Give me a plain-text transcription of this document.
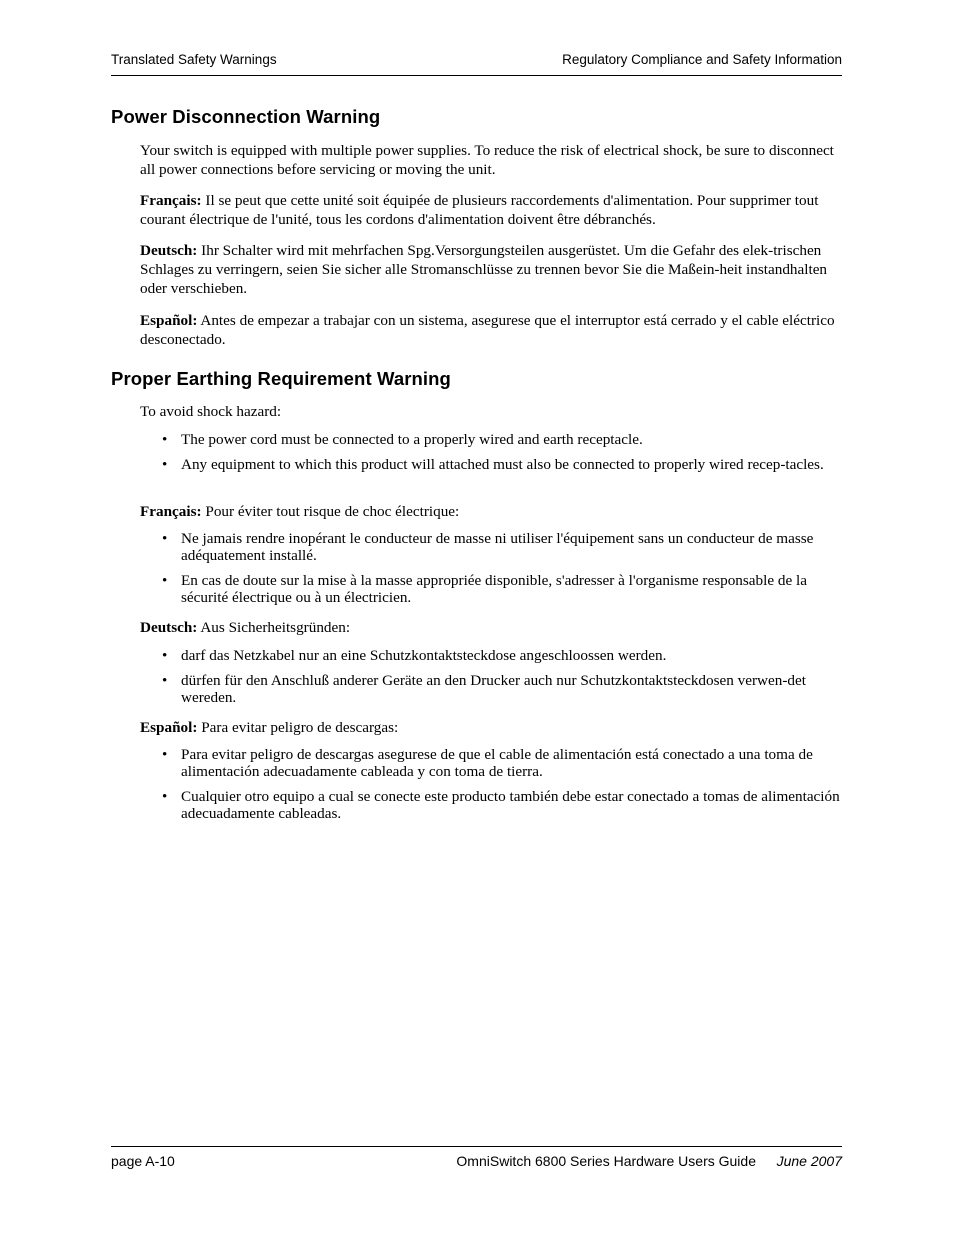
Translated Safety Warnings	Regulatory Compliance and Safety Information
Power Disconnection Warning

Your switch is equipped with multiple power supplies. To reduce the risk of electrical shock, be sure to disconnect all power connections before servicing or moving the unit.

Français: Il se peut que cette unité soit équipée de plusieurs raccordements d'alimentation. Pour supprimer tout courant électrique de l'unité, tous les cordons d'alimentation doivent être débranchés.

Deutsch: Ihr Schalter wird mit mehrfachen Spg.Versorgungsteilen ausgerüstet. Um die Gefahr des elek-trischen Schlages zu verringern, seien Sie sicher alle Stromanschlüsse zu trennen bevor Sie die Maßein-heit instandhalten oder verschieben.

Español: Antes de empezar a trabajar con un sistema, asegurese que el interruptor está cerrado y el cable eléctrico desconectado.

Proper Earthing Requirement Warning

To avoid shock hazard:

• The power cord must be connected to a properly wired and earth receptacle.
• Any equipment to which this product will attached must also be connected to properly wired recep-tacles.

Français: Pour éviter tout risque de choc électrique:

• Ne jamais rendre inopérant le conducteur de masse ni utiliser l'équipement sans un conducteur de masse adéquatement installé.
• En cas de doute sur la mise à la masse appropriée disponible, s'adresser à l'organisme responsable de la sécurité électrique ou à un électricien.

Deutsch: Aus Sicherheitsgründen:

• darf das Netzkabel nur an eine Schutzkontaktsteckdose angeschloossen werden.
• dürfen für den Anschluß anderer Geräte an den Drucker auch nur Schutzkontaktsteckdosen verwen-det wereden.

Español: Para evitar peligro de descargas:

• Para evitar peligro de descargas asegurese de que el cable de alimentación está conectado a una toma de alimentación adecuadamente cableada y con toma de tierra.
• Cualquier otro equipo a cual se conecte este producto también debe estar conectado a tomas de alimentación adecuadamente cableadas.
page A-10	OmniSwitch 6800 Series Hardware Users Guide June 2007
